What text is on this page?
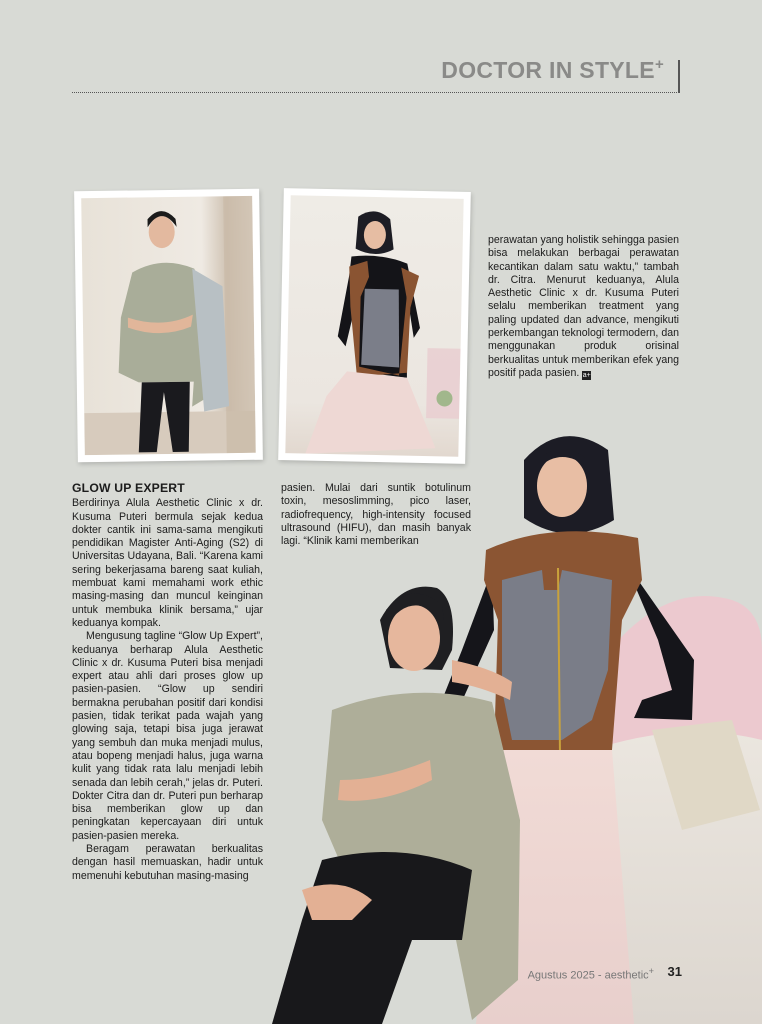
DOCTOR IN STYLE+

GLOW UP EXPERT

Berdirinya Alula Aesthetic Clinic x dr. Kusuma Puteri bermula sejak kedua dokter cantik ini sama-sama mengikuti pendidikan Magister Anti-Aging (S2) di Universitas Udayana, Bali. “Karena kami sering bekerjasama bareng saat kuliah, membuat kami memahami work ethic masing-masing dan muncul keinginan untuk membuka klinik bersama,” ujar keduanya kompak.

Mengusung tagline “Glow Up Expert”, keduanya berharap Alula Aesthetic Clinic x dr. Kusuma Puteri bisa menjadi expert atau ahli dari proses glow up pasien-pasien. “Glow up sendiri bermakna perubahan positif dari kondisi pasien, tidak terikat pada wajah yang glowing saja, tetapi bisa juga jerawat yang sembuh dan muka menjadi mulus, atau bopeng menjadi halus, juga warna kulit yang tidak rata lalu menjadi lebih senada dan lebih cerah,” jelas dr. Puteri. Dokter Citra dan dr. Puteri pun berharap bisa memberikan glow up dan peningkatan kepercayaan diri untuk pasien-pasien mereka.

Beragam perawatan berkualitas dengan hasil memuaskan, hadir untuk memenuhi kebutuhan masing-masing

pasien. Mulai dari suntik botulinum toxin, mesoslimming, pico laser, radiofrequency, high-intensity focused ultrasound (HIFU), dan masih banyak lagi. “Klinik kami memberikan

perawatan yang holistik sehingga pasien bisa melakukan berbagai perawatan kecantikan dalam satu waktu,” tambah dr. Citra. Menurut keduanya, Alula Aesthetic Clinic x dr. Kusuma Puteri selalu memberikan treatment yang paling updated dan advance, mengikuti perkembangan teknologi termodern, dan menggunakan produk orisinal berkualitas untuk memberikan efek yang positif pada pasien. a+

Agustus 2025 - aesthetic+ 31
